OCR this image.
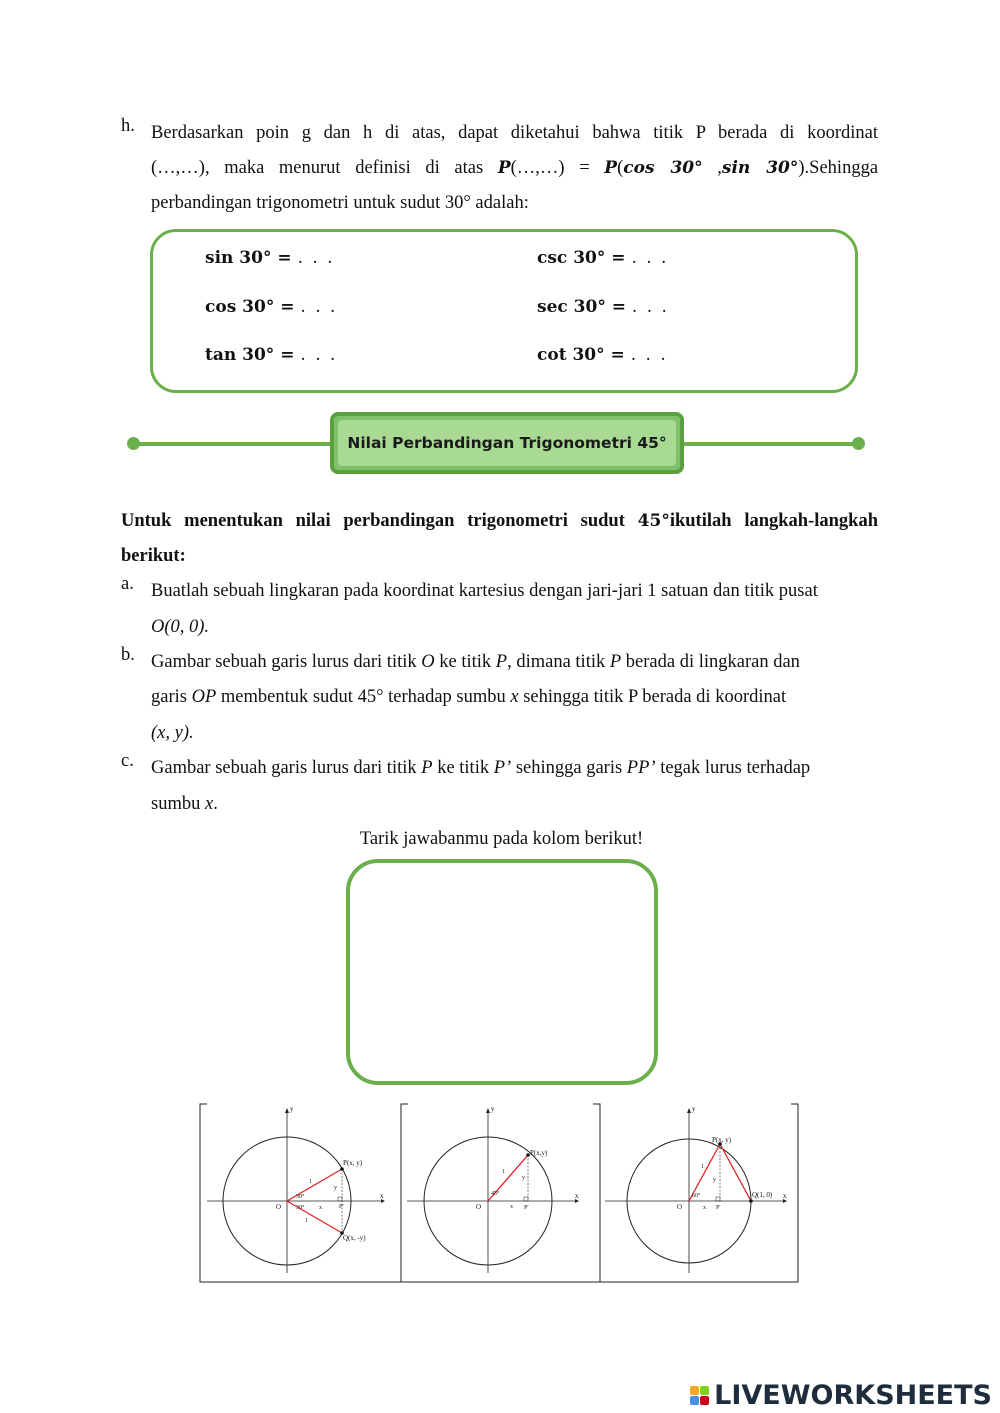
h. Berdasarkan poin g dan h di atas, dapat diketahui bahwa titik P berada di koordinat
(…,…), maka menurut definisi di atas P(…,…) = P(cos 30° ,sin 30°).Sehingga
perbandingan trigonometri untuk sudut 30° adalah:
sin 30° = . . .
cos 30° = . . .
tan 30° = . . .
csc 30° = . . .
sec 30° = . . .
cot 30° = . . .
Nilai Perbandingan Trigonometri 45°
Untuk menentukan nilai perbandingan trigonometri sudut 45°ikutilah langkah-langkah
berikut:
a. Buatlah sebuah lingkaran pada koordinat kartesius dengan jari-jari 1 satuan dan titik pusat
O(0, 0).
b. Gambar sebuah garis lurus dari titik O ke titik P, dimana titik P berada di lingkaran dan
garis OP membentuk sudut 45° terhadap sumbu x sehingga titik P berada di koordinat
(x, y).
c. Gambar sebuah garis lurus dari titik P ke titik P’ sehingga garis PP’ tegak lurus terhadap
sumbu x.
Tarik jawabanmu pada kolom berikut!
P(x, y)
Q(x, -y)
O
y
x
30°
30°
1
1
x
y
P'
P(x,y)
O
y
x
45°
1
x
y
P'
P(x, y)
Q(1, 0)
O
y
x
60°
1
x
y
P'
LIVEWORKSHEETS
